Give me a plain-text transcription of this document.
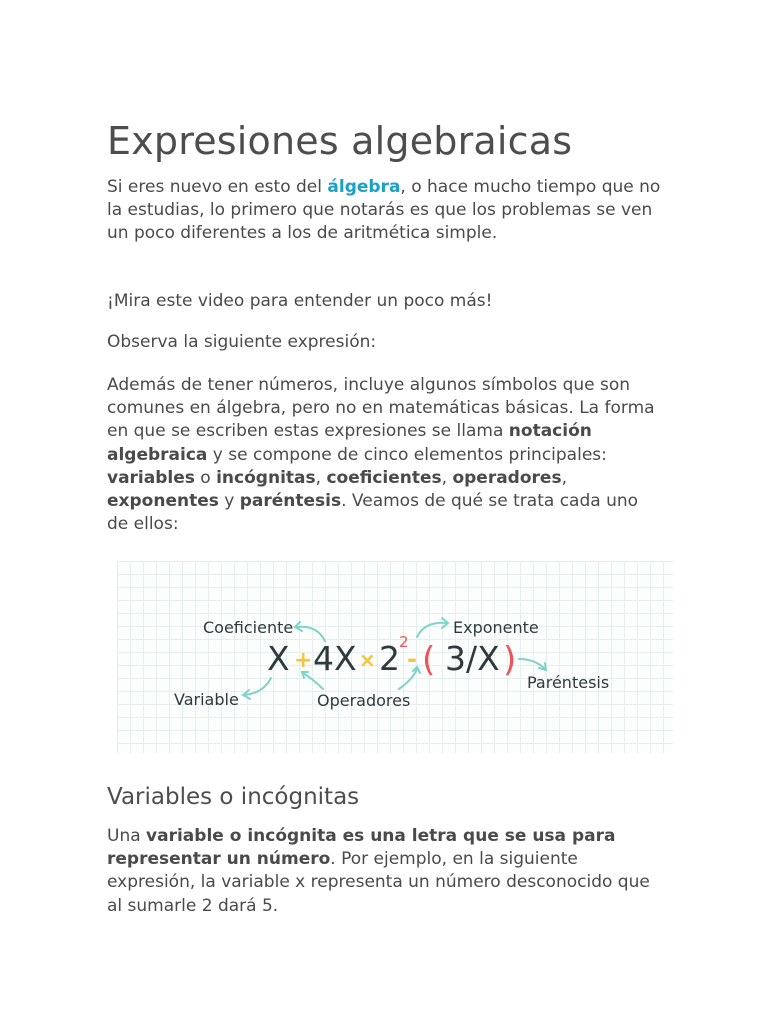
Expresiones algebraicas

Si eres nuevo en esto del álgebra, o hace mucho tiempo que no la estudias, lo primero que notarás es que los problemas se ven un poco diferentes a los de aritmética simple.

¡Mira este video para entender un poco más!

Observa la siguiente expresión:

Además de tener números, incluye algunos símbolos que son comunes en álgebra, pero no en matemáticas básicas. La forma en que se escriben estas expresiones se llama notación algebraica y se compone de cinco elementos principales: variables o incógnitas, coeficientes, operadores, exponentes y paréntesis. Veamos de qué se trata cada uno de ellos:

X + 4X × 2 2
- ( 3/X )
Coeficiente	Exponente
Variable	Operadores
Paréntesis
Variables o incógnitas

Una variable o incógnita es una letra que se usa para representar un número. Por ejemplo, en la siguiente expresión, la variable x representa un número desconocido que al sumarle 2 dará 5.
